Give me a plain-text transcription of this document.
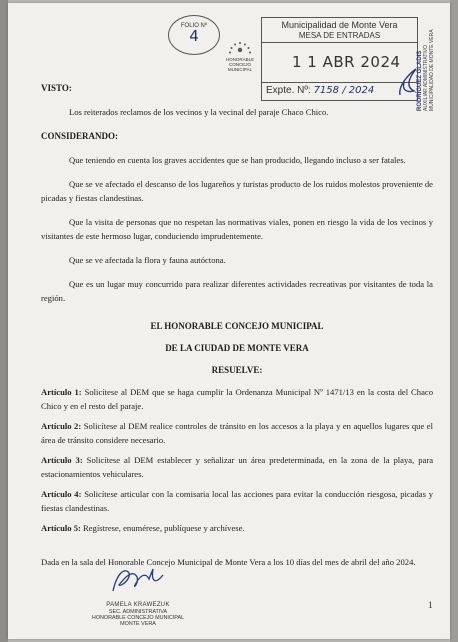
FOLIO Nº
4
HONORABLE
CONCEJO MUNICIPAL
Municipalidad de Monte Vera
MESA DE ENTRADAS
1 1 ABR 2024
Expte. Nº: 7158 / 2024	RODRÍGUEZ GLADIS
AUXILIAR ADMINISTRATIVO
MUNICIPALIDAD DE MONTE VERA

VISTO:

Los reiterados reclamos de los vecinos y la vecinal del paraje Chaco Chico.

CONSIDERANDO:

Que teniendo en cuenta los graves accidentes que se han producido, llegando incluso a ser fatales.

Que se ve afectado el descanso de los lugareños y turistas producto de los ruidos molestos proveniente de picadas y fiestas clandestinas.

Que la visita de personas que no respetan las normativas viales, ponen en riesgo la vida de los vecinos y visitantes de este hermoso lugar, conduciendo imprudentemente.

Que se ve afectada la flora y fauna autóctona.

Que es un lugar muy concurrido para realizar diferentes actividades recreativas por visitantes de toda la región.

EL HONORABLE CONCEJO MUNICIPAL

DE LA CIUDAD DE MONTE VERA

RESUELVE:

Artículo 1: Solicítese al DEM que se haga cumplir la Ordenanza Municipal Nº 1471/13 en la costa del Chaco Chico y en el resto del paraje.

Artículo 2: Solicítese al DEM realice controles de tránsito en los accesos a la playa y en aquellos lugares que el área de tránsito considere necesario.

Artículo 3: Solicítese al DEM establecer y señalizar un área predeterminada, en la zona de la playa, para estacionamientos vehiculares.

Artículo 4: Solicítese articular con la comisaria local las acciones para evitar la conducción riesgosa, picadas y fiestas clandestinas.

Artículo 5: Regístrese, enumérese, publíquese y archívese.

Dada en la sala del Honorable Concejo Municipal de Monte Vera a los 10 días del mes de abril del año 2024.

PAMELA KRAWEZUK
SEC. ADMINISTRATIVA
HONORABLE CONCEJO MUNICIPAL
MONTE VERA
1
